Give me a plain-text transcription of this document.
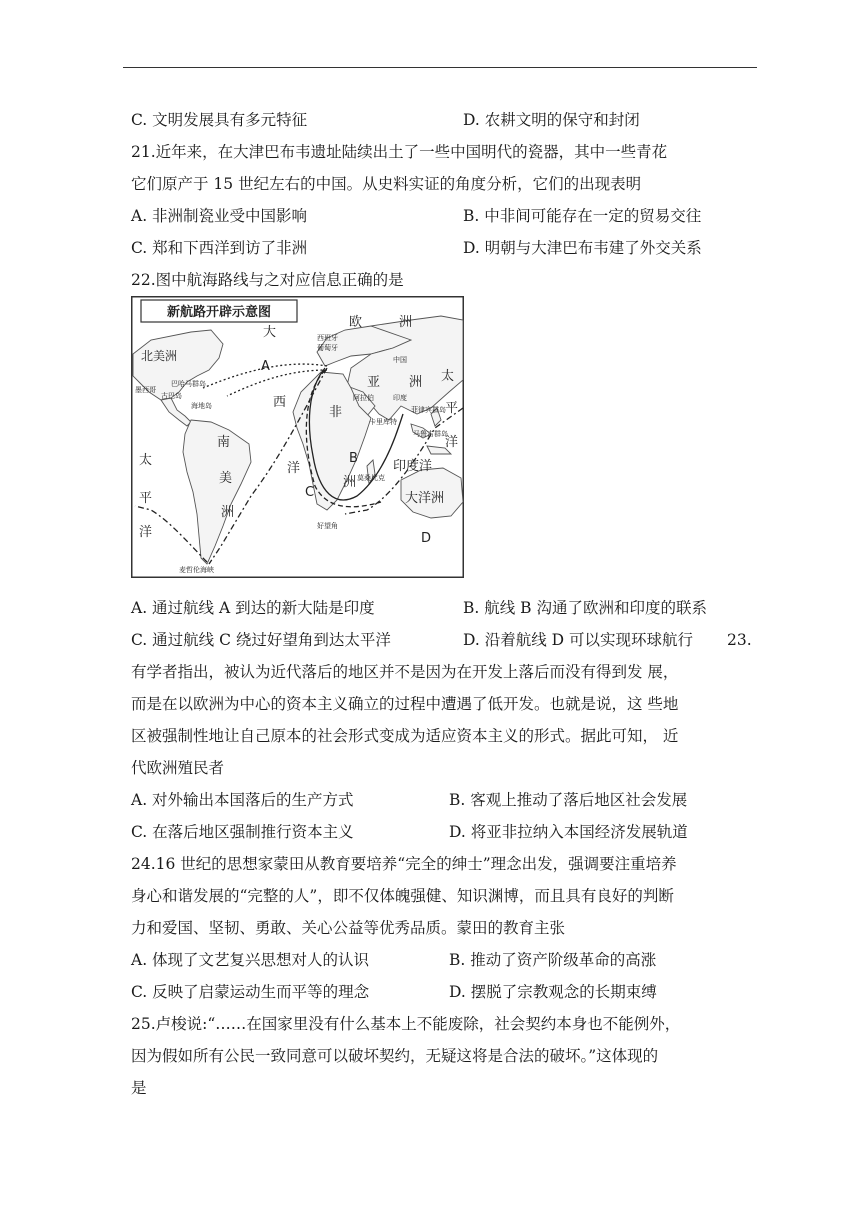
C. 文明发展具有多元特征	D. 农耕文明的保守和封闭
21.近年来，在大津巴布韦遗址陆续出土了一些中国明代的瓷器，其中一些青花
它们原产于 15 世纪左右的中国。从史料实证的角度分析，它们的出现表明
A. 非洲制瓷业受中国影响	B. 中非间可能存在一定的贸易交往
C. 郑和下西洋到访了非洲	D. 明朝与大津巴布韦建了外交关系
22.图中航海路线与之对应信息正确的是
新航路开辟示意图
大
欧	洲
北美洲
A
西
亚 洲
非
太
平
洋
南
美
洲
洋
B
洲
印度洋
C	大洋洲
D
太
平
洋
西班牙
葡萄牙
巴哈马群岛
古巴岛
墨西哥
海地岛
中国
阿拉伯	印度
卡里库特
菲律宾群岛
马鲁古群岛
莫桑比克
好望角
麦哲伦海峡
A. 通过航线 A 到达的新大陆是印度	B. 航线 B 沟通了欧洲和印度的联系
C. 通过航线 C 绕过好望角到达太平洋	D. 沿着航线 D 可以实现环球航行 23.
有学者指出，被认为近代落后的地区并不是因为在开发上落后而没有得到发 展，
而是在以欧洲为中心的资本主义确立的过程中遭遇了低开发。也就是说，这 些地
区被强制性地让自己原本的社会形式变成为适应资本主义的形式。据此可知， 近
代欧洲殖民者
A. 对外输出本国落后的生产方式	B. 客观上推动了落后地区社会发展
C. 在落后地区强制推行资本主义	D. 将亚非拉纳入本国经济发展轨道
24.16 世纪的思想家蒙田从教育要培养“完全的绅士”理念出发，强调要注重培养
身心和谐发展的“完整的人”，即不仅体魄强健、知识渊博，而且具有良好的判断
力和爱国、坚韧、勇敢、关心公益等优秀品质。蒙田的教育主张
A. 体现了文艺复兴思想对人的认识	B. 推动了资产阶级革命的高涨
C. 反映了启蒙运动生而平等的理念	D. 摆脱了宗教观念的长期束缚
25.卢梭说:“……在国家里没有什么基本上不能废除，社会契约本身也不能例外，
因为假如所有公民一致同意可以破坏契约，无疑这将是合法的破坏。”这体现的
是
